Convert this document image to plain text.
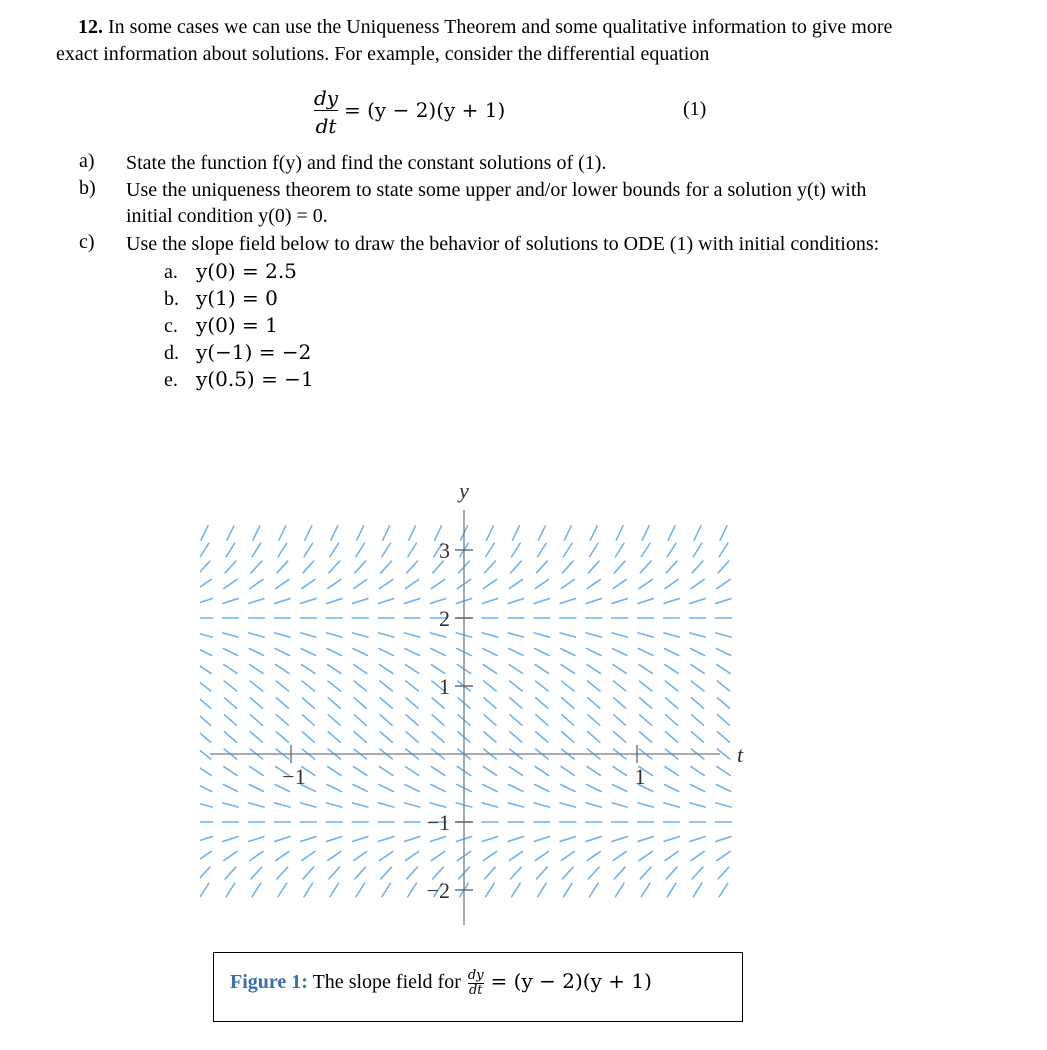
12. In some cases we can use the Uniqueness Theorem and some qualitative information to give more
exact information about solutions. For example, consider the differential equation
dy
dt
= (y − 2)(y + 1)	(1)
a) State the function f(y) and find the constant solutions of (1).
b) Use the uniqueness theorem to state some upper and/or lower bounds for a solution y(t) with
initial condition y(0) = 0.
c) Use the slope field below to draw the behavior of solutions to ODE (1) with initial conditions:
a. y(0) = 2.5
b. y(1) = 0
c. y(0) = 1
d. y(−1) = −2
e. y(0.5) = −1
−1	1
3
2
1
−1
−2
y
t
Figure 1: The slope field for $\frac{dy}{dt} = (y - 2)(y + 1)$
